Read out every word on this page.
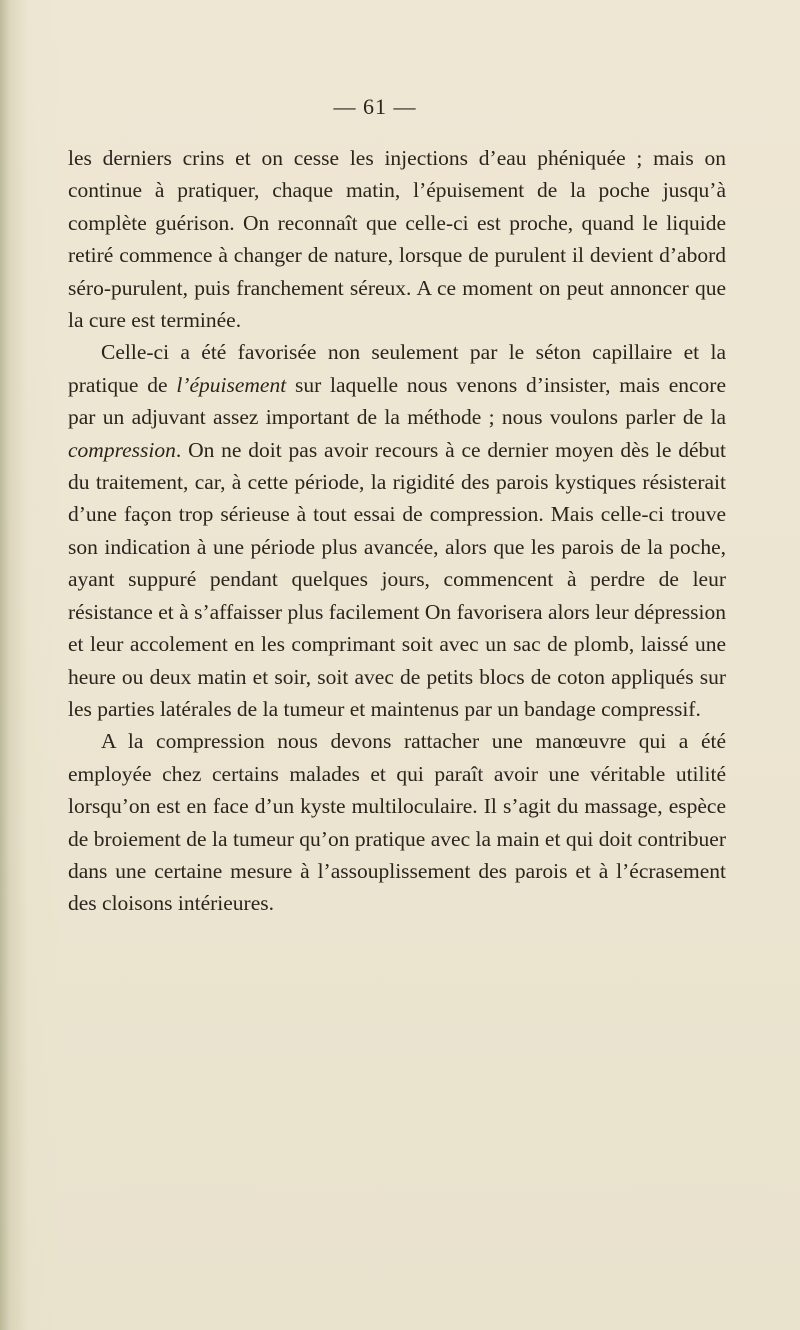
— 61 —

les derniers crins et on cesse les injections d’eau phéniquée ; mais on continue à pratiquer, chaque matin, l’épuisement de la poche jusqu’à complète guérison. On reconnaît que celle-ci est proche, quand le liquide retiré commence à changer de nature, lorsque de purulent il devient d’abord séro-purulent, puis franchement séreux. A ce moment on peut annoncer que la cure est terminée.

Celle-ci a été favorisée non seulement par le séton capillaire et la pratique de l’épuisement sur laquelle nous venons d’insister, mais encore par un adjuvant assez important de la méthode ; nous voulons parler de la compression. On ne doit pas avoir recours à ce dernier moyen dès le début du traitement, car, à cette période, la rigidité des parois kystiques résisterait d’une façon trop sérieuse à tout essai de compression. Mais celle-ci trouve son indication à une période plus avancée, alors que les parois de la poche, ayant suppuré pendant quelques jours, commencent à perdre de leur résistance et à s’affaisser plus facilement On favorisera alors leur dépression et leur accolement en les comprimant soit avec un sac de plomb, laissé une heure ou deux matin et soir, soit avec de petits blocs de coton appliqués sur les parties latérales de la tumeur et maintenus par un bandage compressif.

A la compression nous devons rattacher une manœuvre qui a été employée chez certains malades et qui paraît avoir une véritable utilité lorsqu’on est en face d’un kyste multiloculaire. Il s’agit du massage, espèce de broiement de la tumeur qu’on pratique avec la main et qui doit contribuer dans une certaine mesure à l’assouplissement des parois et à l’écrasement des cloisons intérieures.
